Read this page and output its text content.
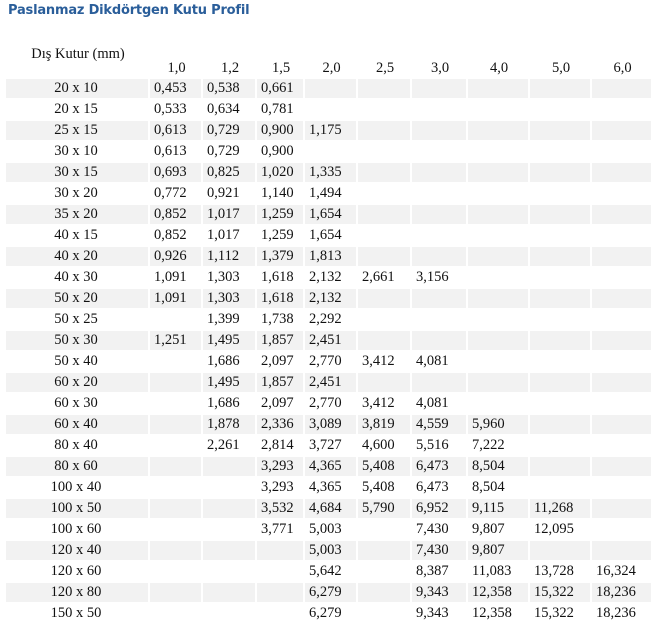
Paslanmaz Dikdörtgen Kutu Profil
Dış Kutur (mm)	1,0	1,2	1,5	2,0	2,5	3,0	4,0	5,0	6,0
20 x 10	0,453	0,538	0,661						
20 x 15	0,533	0,634	0,781						
25 x 15	0,613	0,729	0,900	1,175					
30 x 10	0,613	0,729	0,900						
30 x 15	0,693	0,825	1,020	1,335					
30 x 20	0,772	0,921	1,140	1,494					
35 x 20	0,852	1,017	1,259	1,654					
40 x 15	0,852	1,017	1,259	1,654					
40 x 20	0,926	1,112	1,379	1,813					
40 x 30	1,091	1,303	1,618	2,132	2,661	3,156			
50 x 20	1,091	1,303	1,618	2,132					
50 x 25		1,399	1,738	2,292					
50 x 30	1,251	1,495	1,857	2,451					
50 x 40		1,686	2,097	2,770	3,412	4,081			
60 x 20		1,495	1,857	2,451					
60 x 30		1,686	2,097	2,770	3,412	4,081			
60 x 40		1,878	2,336	3,089	3,819	4,559	5,960		
80 x 40		2,261	2,814	3,727	4,600	5,516	7,222		
80 x 60			3,293	4,365	5,408	6,473	8,504		
100 x 40			3,293	4,365	5,408	6,473	8,504		
100 x 50			3,532	4,684	5,790	6,952	9,115	11,268	
100 x 60			3,771	5,003		7,430	9,807	12,095	
120 x 40				5,003		7,430	9,807		
120 x 60				5,642		8,387	11,083	13,728	16,324
120 x 80				6,279		9,343	12,358	15,322	18,236
150 x 50				6,279		9,343	12,358	15,322	18,236
